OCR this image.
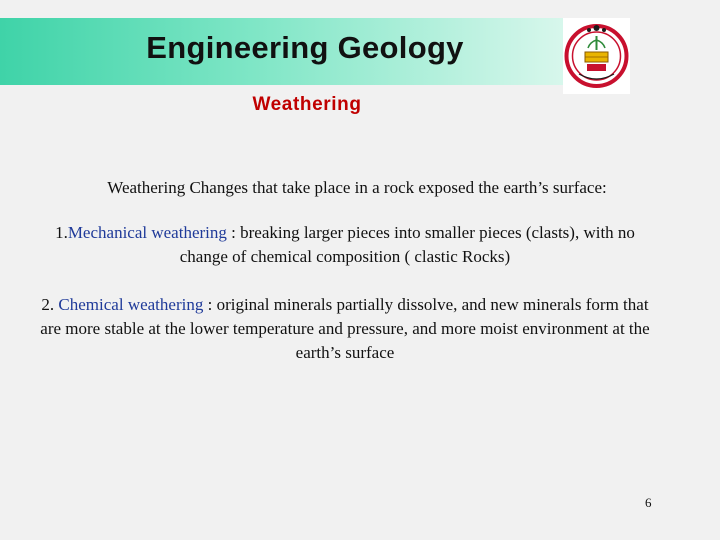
Engineering Geology
Weathering
Weathering Changes that take place in a rock exposed the earth’s surface:
1.Mechanical weathering : breaking larger pieces into smaller pieces (clasts), with no change of chemical composition ( clastic Rocks)
2. Chemical weathering : original minerals partially dissolve, and new minerals form that are more stable at the lower temperature and pressure, and more moist environment at the earth’s surface
6
